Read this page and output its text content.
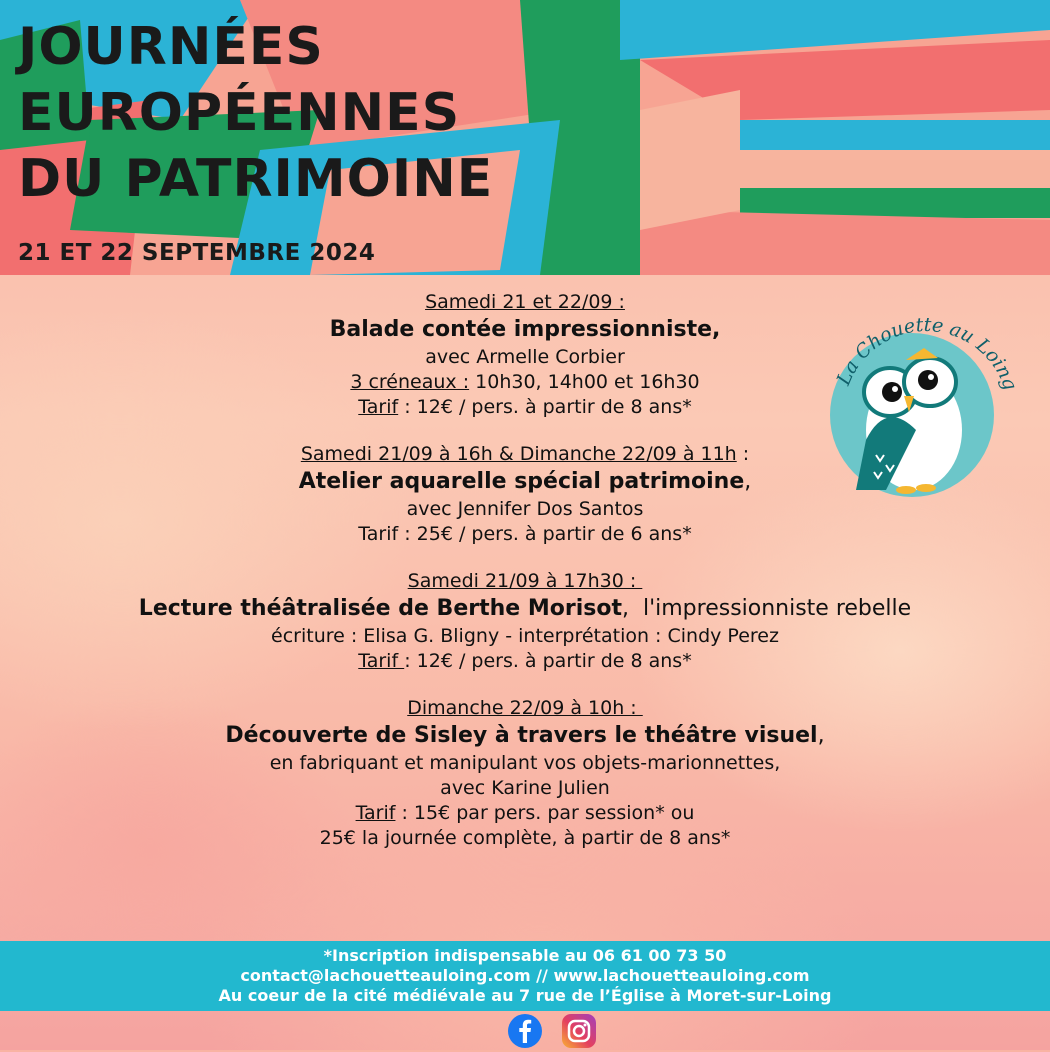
JOURNÉES
EUROPÉENNES
DU PATRIMOINE
21 ET 22 SEPTEMBRE 2024
La Chouette au Loing
Samedi 21 et 22/09 :
Balade contée impressionniste,
avec Armelle Corbier
3 créneaux : 10h30, 14h00 et 16h30
Tarif : 12€ / pers. à partir de 8 ans*
Samedi 21/09 à 16h & Dimanche 22/09 à 11h :
Atelier aquarelle spécial patrimoine,
avec Jennifer Dos Santos
Tarif : 25€ / pers. à partir de 6 ans*
Samedi 21/09 à 17h30 :
Lecture théâtralisée de Berthe Morisot,  l'impressionniste rebelle
écriture : Elisa G. Bligny - interprétation : Cindy Perez
Tarif : 12€ / pers. à partir de 8 ans*
Dimanche 22/09 à 10h :
Découverte de Sisley à travers le théâtre visuel,
en fabriquant et manipulant vos objets-marionnettes,
avec Karine Julien
Tarif : 15€ par pers. par session* ou
25€ la journée complète, à partir de 8 ans*
*Inscription indispensable au 06 61 00 73 50
contact@lachouetteauloing.com // www.lachouetteauloing.com
Au coeur de la cité médiévale au 7 rue de l’Église à Moret-sur-Loing
